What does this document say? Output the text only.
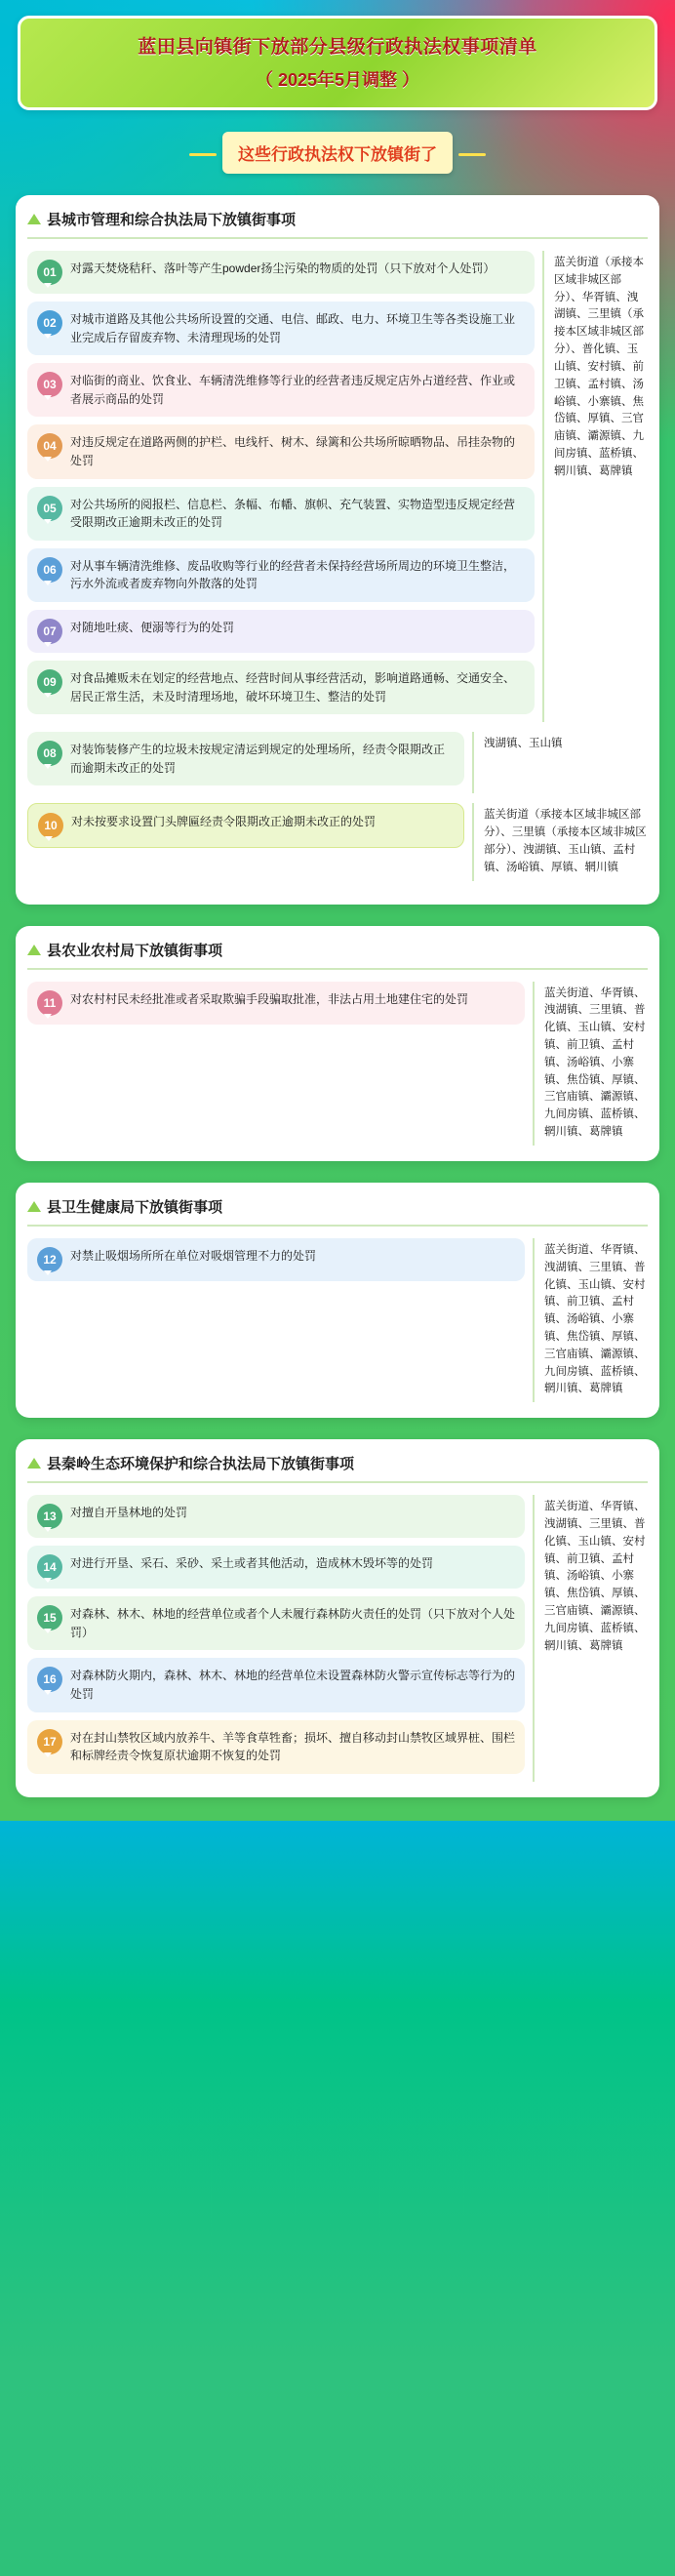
蓝田县向镇街下放部分县级行政执法权事项清单
（ 2025年5月调整 ）
这些行政执法权下放镇街了
县城市管理和综合执法局下放镇街事项
01	对露天焚烧秸秆、落叶等产生powder扬尘污染的物质的处罚（只下放对个人处罚）
02	对城市道路及其他公共场所设置的交通、电信、邮政、电力、环境卫生等各类设施工业业完成后存留废弃物、未清理现场的处罚
03	对临街的商业、饮食业、车辆清洗维修等行业的经营者违反规定店外占道经营、作业或者展示商品的处罚
04	对违反规定在道路两侧的护栏、电线杆、树木、绿篱和公共场所晾晒物品、吊挂杂物的处罚
05	对公共场所的阅报栏、信息栏、条幅、布幡、旗帜、充气装置、实物造型违反规定经营受限期改正逾期未改正的处罚
06	对从事车辆清洗维修、废品收购等行业的经营者未保持经营场所周边的环境卫生整洁，污水外流或者废弃物向外散落的处罚
07	对随地吐痰、便溺等行为的处罚
09	对食品摊贩未在划定的经营地点、经营时间从事经营活动，影响道路通畅、交通安全、居民正常生活，未及时清理场地，破坏环境卫生、整洁的处罚
蓝关街道（承接本区域非城区部分）、华胥镇、洩湖镇、三里镇（承接本区域非城区部分）、普化镇、玉山镇、安村镇、前卫镇、孟村镇、汤峪镇、小寨镇、焦岱镇、厚镇、三官庙镇、灞源镇、九间房镇、蓝桥镇、辋川镇、葛牌镇
08	对装饰装修产生的垃圾未按规定清运到规定的处理场所，经责令限期改正而逾期未改正的处罚
洩湖镇、玉山镇
10	对未按要求设置门头牌匾经责令限期改正逾期未改正的处罚	蓝关街道（承接本区域非城区部分）、三里镇（承接本区域非城区部分）、洩湖镇、玉山镇、孟村镇、汤峪镇、厚镇、辋川镇
县农业农村局下放镇街事项
11	对农村村民未经批准或者采取欺骗手段骗取批准，非法占用土地建住宅的处罚	蓝关街道、华胥镇、洩湖镇、三里镇、普化镇、玉山镇、安村镇、前卫镇、孟村镇、汤峪镇、小寨镇、焦岱镇、厚镇、三官庙镇、灞源镇、九间房镇、蓝桥镇、辋川镇、葛牌镇
县卫生健康局下放镇街事项
12	对禁止吸烟场所所在单位对吸烟管理不力的处罚	蓝关街道、华胥镇、洩湖镇、三里镇、普化镇、玉山镇、安村镇、前卫镇、孟村镇、汤峪镇、小寨镇、焦岱镇、厚镇、三官庙镇、灞源镇、九间房镇、蓝桥镇、辋川镇、葛牌镇
县秦岭生态环境保护和综合执法局下放镇街事项
13	对擅自开垦林地的处罚
14	对进行开垦、采石、采砂、采土或者其他活动，造成林木毁坏等的处罚
15	对森林、林木、林地的经营单位或者个人未履行森林防火责任的处罚（只下放对个人处罚）
16	对森林防火期内，森林、林木、林地的经营单位未设置森林防火警示宣传标志等行为的处罚
17	对在封山禁牧区域内放养牛、羊等食草牲畜；损坏、擅自移动封山禁牧区域界桩、围栏和标牌经责令恢复原状逾期不恢复的处罚
蓝关街道、华胥镇、洩湖镇、三里镇、普化镇、玉山镇、安村镇、前卫镇、孟村镇、汤峪镇、小寨镇、焦岱镇、厚镇、三官庙镇、灞源镇、九间房镇、蓝桥镇、辋川镇、葛牌镇
